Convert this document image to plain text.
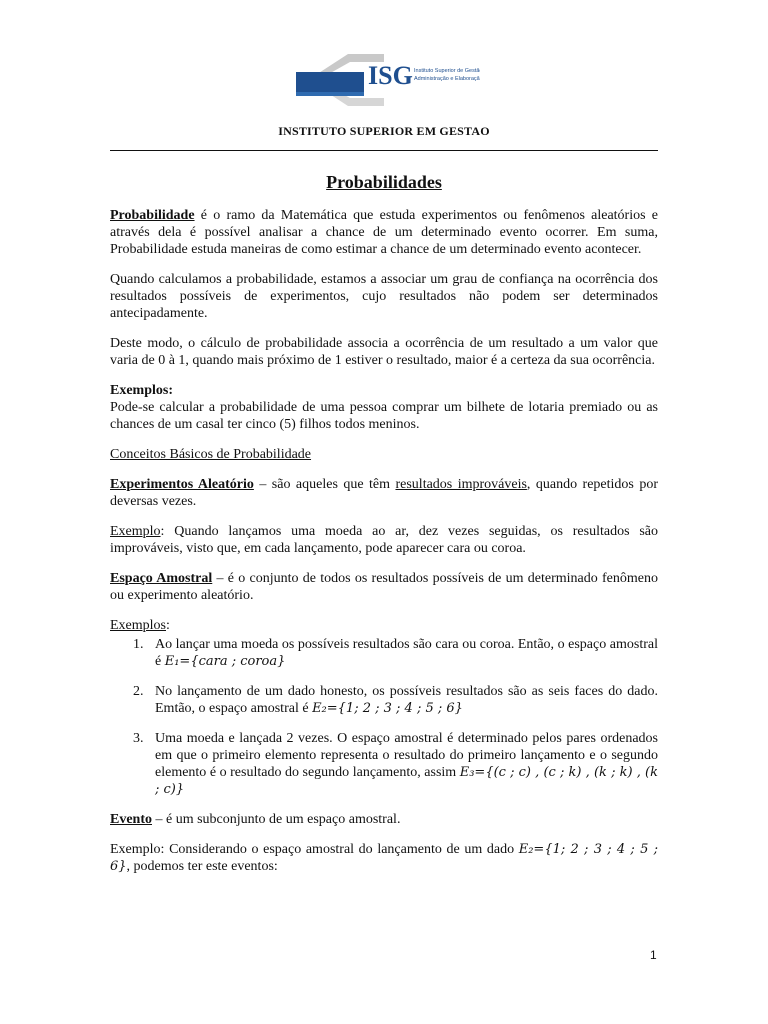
ISG Instituto Superior de Gestão
Administração e Elaboração
INSTITUTO SUPERIOR EM GESTAO
Probabilidades

Probabilidade é o ramo da Matemática que estuda experimentos ou fenômenos aleatórios e através dela é possível analisar a chance de um determinado evento ocorrer. Em suma, Probabilidade estuda maneiras de como estimar a chance de um determinado evento acontecer.

Quando calculamos a probabilidade, estamos a associar um grau de confiança na ocorrência dos resultados possíveis de experimentos, cujo resultados não podem ser determinados antecipadamente.

Deste modo, o cálculo de probabilidade associa a ocorrência de um resultado a um valor que varia de 0 à 1, quando mais próximo de 1 estiver o resultado, maior é a certeza da sua ocorrência.

Exemplos:
Pode-se calcular a probabilidade de uma pessoa comprar um bilhete de lotaria premiado ou as chances de um casal ter cinco (5) filhos todos meninos.

Conceitos Básicos de Probabilidade

Experimentos Aleatório – são aqueles que têm resultados improváveis, quando repetidos por deversas vezes.

Exemplo: Quando lançamos uma moeda ao ar, dez vezes seguidas, os resultados são improváveis, visto que, em cada lançamento, pode aparecer cara ou coroa.

Espaço Amostral – é o conjunto de todos os resultados possíveis de um determinado fenômeno ou experimento aleatório.

Exemplos:

1. Ao lançar uma moeda os possíveis resultados são cara ou coroa. Então, o espaço amostral é E₁={cara ; coroa}
2. No lançamento de um dado honesto, os possíveis resultados são as seis faces do dado. Emtão, o espaço amostral é E₂={1; 2 ; 3 ; 4 ; 5 ; 6}
3. Uma moeda e lançada 2 vezes. O espaço amostral é determinado pelos pares ordenados em que o primeiro elemento representa o resultado do primeiro lançamento e o segundo elemento é o resultado do segundo lançamento, assim E₃={(c ; c) , (c ; k) , (k ; k) , (k ; c)}

Evento – é um subconjunto de um espaço amostral.

Exemplo: Considerando o espaço amostral do lançamento de um dado E₂={1; 2 ; 3 ; 4 ; 5 ; 6}, podemos ter este eventos:

1
